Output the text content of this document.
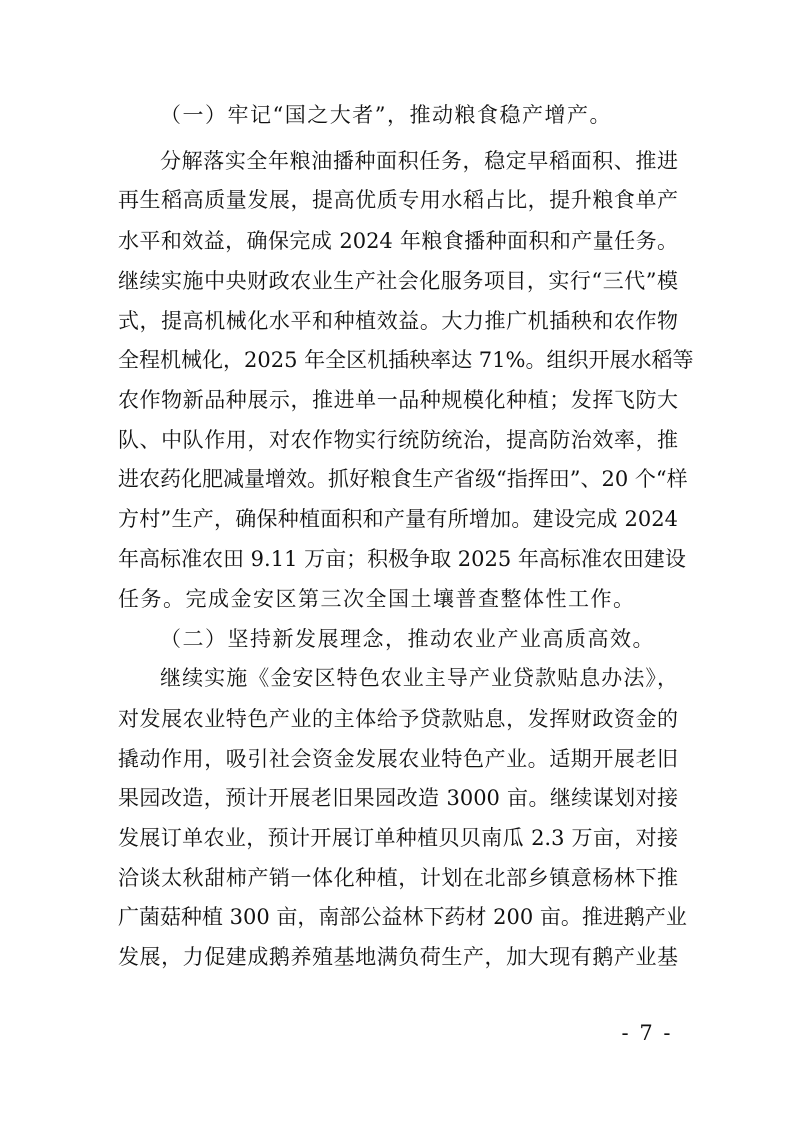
（一）牢记“国之大者”，推动粮食稳产增产。
分解落实全年粮油播种面积任务，稳定早稻面积、推进
再生稻高质量发展，提高优质专用水稻占比，提升粮食单产
水平和效益，确保完成 2024 年粮食播种面积和产量任务。
继续实施中央财政农业生产社会化服务项目，实行“三代”模
式，提高机械化水平和种植效益。大力推广机插秧和农作物
全程机械化，2025 年全区机插秧率达 71%。组织开展水稻等
农作物新品种展示，推进单一品种规模化种植；发挥飞防大
队、中队作用，对农作物实行统防统治，提高防治效率，推
进农药化肥减量增效。抓好粮食生产省级“指挥田”、20 个“样
方村”生产，确保种植面积和产量有所增加。建设完成 2024
年高标准农田 9.11 万亩；积极争取 2025 年高标准农田建设
任务。完成金安区第三次全国土壤普查整体性工作。
（二）坚持新发展理念，推动农业产业高质高效。
继续实施《金安区特色农业主导产业贷款贴息办法》，
对发展农业特色产业的主体给予贷款贴息，发挥财政资金的
撬动作用，吸引社会资金发展农业特色产业。适期开展老旧
果园改造，预计开展老旧果园改造 3000 亩。继续谋划对接
发展订单农业，预计开展订单种植贝贝南瓜 2.3 万亩，对接
洽谈太秋甜柿产销一体化种植，计划在北部乡镇意杨林下推
广菌菇种植 300 亩，南部公益林下药材 200 亩。推进鹅产业
发展，力促建成鹅养殖基地满负荷生产，加大现有鹅产业基
- 7 -
